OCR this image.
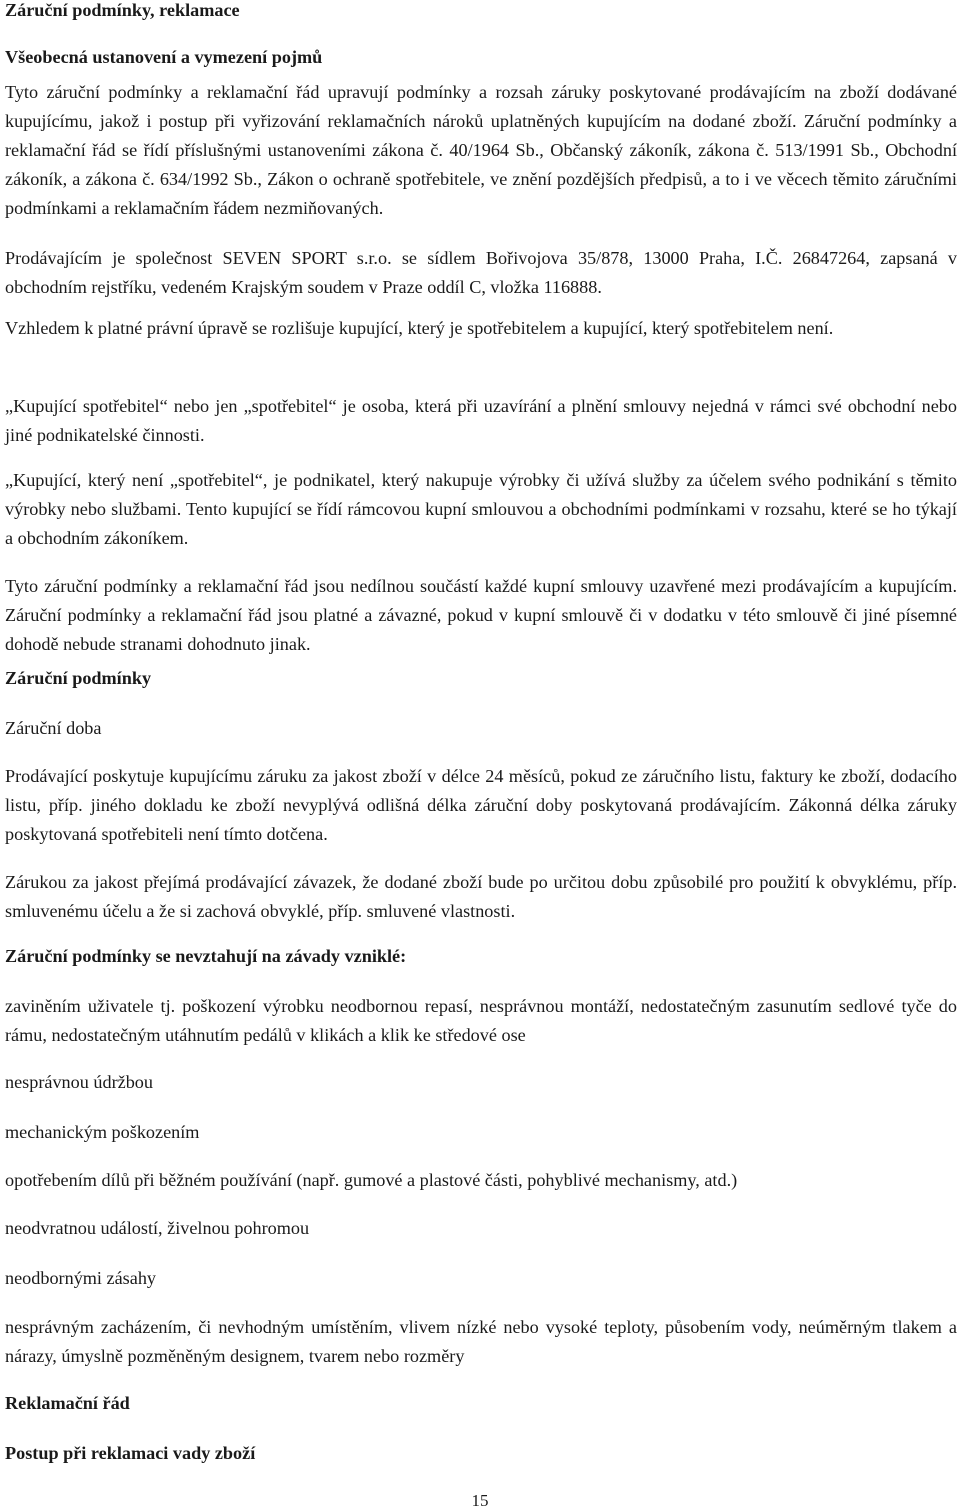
Záruční podmínky, reklamace
Všeobecná ustanovení a vymezení pojmů

Tyto záruční podmínky a reklamační řád upravují podmínky a rozsah záruky poskytované prodávajícím na zboží dodávané kupujícímu, jakož i postup při vyřizování reklamačních nároků uplatněných kupujícím na dodané zboží. Záruční podmínky a reklamační řád se řídí příslušnými ustanoveními zákona č. 40/1964 Sb., Občanský zákoník, zákona č. 513/1991 Sb., Obchodní zákoník, a zákona č. 634/1992 Sb., Zákon o ochraně spotřebitele, ve znění pozdějších předpisů, a to i ve věcech těmito záručními podmínkami a reklamačním řádem nezmiňovaných.

Prodávajícím je společnost SEVEN SPORT s.r.o. se sídlem Bořivojova 35/878, 13000 Praha, I.Č. 26847264, zapsaná v obchodním rejstříku, vedeném Krajským soudem v Praze oddíl C, vložka 116888.

Vzhledem k platné právní úpravě se rozlišuje kupující, který je spotřebitelem a kupující, který spotřebitelem není.

„Kupující spotřebitel“ nebo jen „spotřebitel“ je osoba, která při uzavírání a plnění smlouvy nejedná v rámci své obchodní nebo jiné podnikatelské činnosti.

„Kupující, který není „spotřebitel“, je podnikatel, který nakupuje výrobky či užívá služby za účelem svého podnikání s těmito výrobky nebo službami. Tento kupující se řídí rámcovou kupní smlouvou a obchodními podmínkami v rozsahu, které se ho týkají a obchodním zákoníkem.

Tyto záruční podmínky a reklamační řád jsou nedílnou součástí každé kupní smlouvy uzavřené mezi prodávajícím a kupujícím. Záruční podmínky a reklamační řád jsou platné a závazné, pokud v kupní smlouvě či v dodatku v této smlouvě či jiné písemné dohodě nebude stranami dohodnuto jinak.

Záruční podmínky
Záruční doba

Prodávající poskytuje kupujícímu záruku za jakost zboží v délce 24 měsíců, pokud ze záručního listu, faktury ke zboží, dodacího listu, příp. jiného dokladu ke zboží nevyplývá odlišná délka záruční doby poskytovaná prodávajícím. Zákonná délka záruky poskytovaná spotřebiteli není tímto dotčena.

Zárukou za jakost přejímá prodávající závazek, že dodané zboží bude po určitou dobu způsobilé pro použití k obvyklému, příp. smluvenému účelu a že si zachová obvyklé, příp. smluvené vlastnosti.

Záruční podmínky se nevztahují na závady vzniklé:

zaviněním uživatele tj. poškození výrobku neodbornou repasí, nesprávnou montáží, nedostatečným zasunutím sedlové tyče do rámu, nedostatečným utáhnutím pedálů v klikách a klik ke středové ose

nesprávnou údržbou

mechanickým poškozením

opotřebením dílů při běžném používání (např. gumové a plastové části, pohyblivé mechanismy, atd.)

neodvratnou událostí, živelnou pohromou

neodbornými zásahy

nesprávným zacházením, či nevhodným umístěním, vlivem nízké nebo vysoké teploty, působením vody, neúměrným tlakem a nárazy, úmyslně pozměněným designem, tvarem nebo rozměry

Reklamační řád
Postup při reklamaci vady zboží
15
